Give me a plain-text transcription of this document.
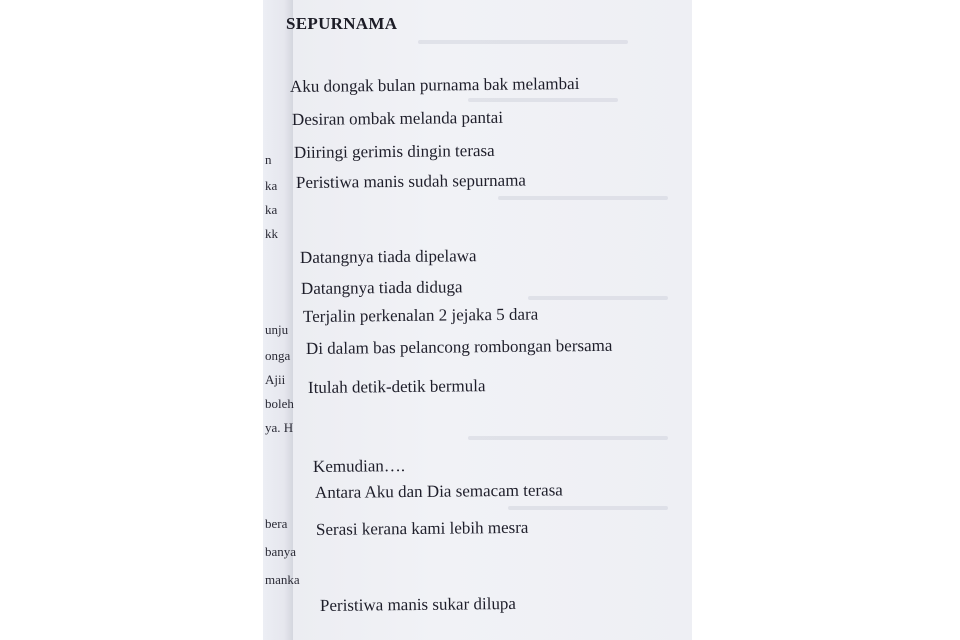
n
ka
ka
kk
unju
onga
Ajii
boleh
ya. H
bera
banya
manka
SEPURNAMA
Aku dongak bulan purnama bak melambai
Desiran ombak melanda pantai
Diiringi gerimis dingin terasa
Peristiwa manis sudah sepurnama
Datangnya tiada dipelawa
Datangnya tiada diduga
Terjalin perkenalan 2 jejaka 5 dara
Di dalam bas pelancong rombongan bersama
Itulah detik-detik bermula
Kemudian….
Antara Aku dan Dia semacam terasa
Serasi kerana kami lebih mesra
Peristiwa manis sukar dilupa
